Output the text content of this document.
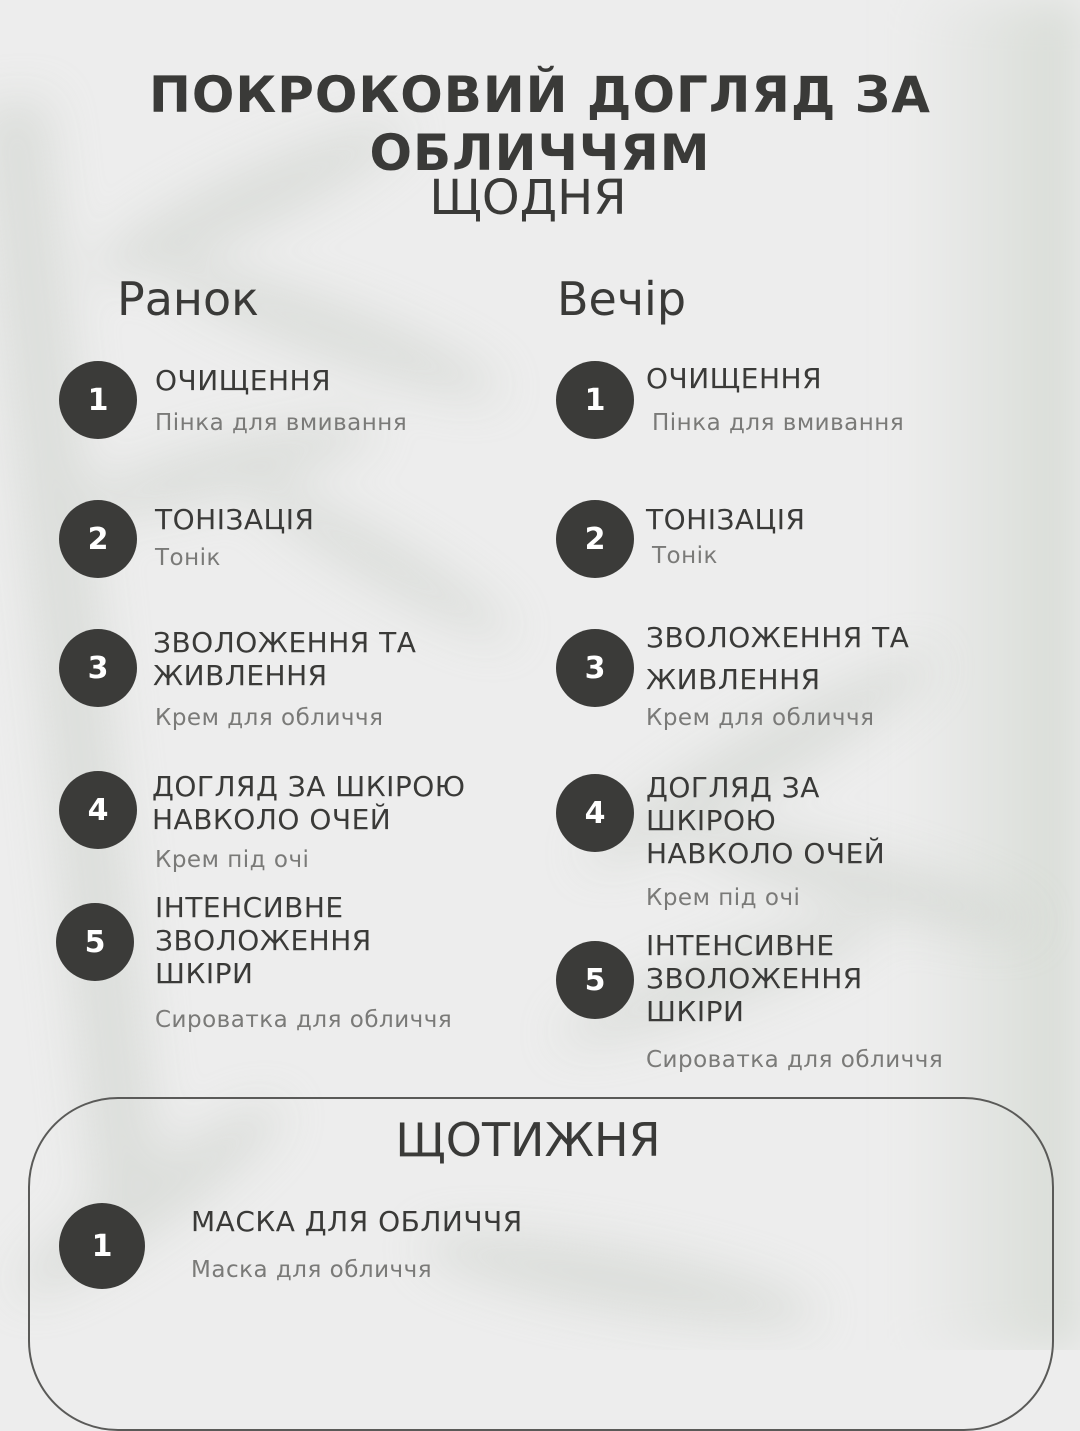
ПОКРОКОВИЙ ДОГЛЯД ЗА ОБЛИЧЧЯМ
ЩОДНЯ
Ранок
1
ОЧИЩЕННЯ
Пінка для вмивання
2
ТОНІЗАЦІЯ
Тонік
3
ЗВОЛОЖЕННЯ ТА
ЖИВЛЕННЯ
Крем для обличчя
4
ДОГЛЯД ЗА ШКІРОЮ
НАВКОЛО ОЧЕЙ
Крем під очі
5
ІНТЕНСИВНЕ
ЗВОЛОЖЕННЯ
ШКІРИ
Сироватка для обличчя
Вечір
1
ОЧИЩЕННЯ
Пінка для вмивання
2
ТОНІЗАЦІЯ
Тонік
3
ЗВОЛОЖЕННЯ ТА
ЖИВЛЕННЯ
Крем для обличчя
4
ДОГЛЯД ЗА
ШКІРОЮ
НАВКОЛО ОЧЕЙ
Крем під очі
5
ІНТЕНСИВНЕ
ЗВОЛОЖЕННЯ
ШКІРИ
Сироватка для обличчя
ЩОТИЖНЯ
1
МАСКА ДЛЯ ОБЛИЧЧЯ
Маска для обличчя
